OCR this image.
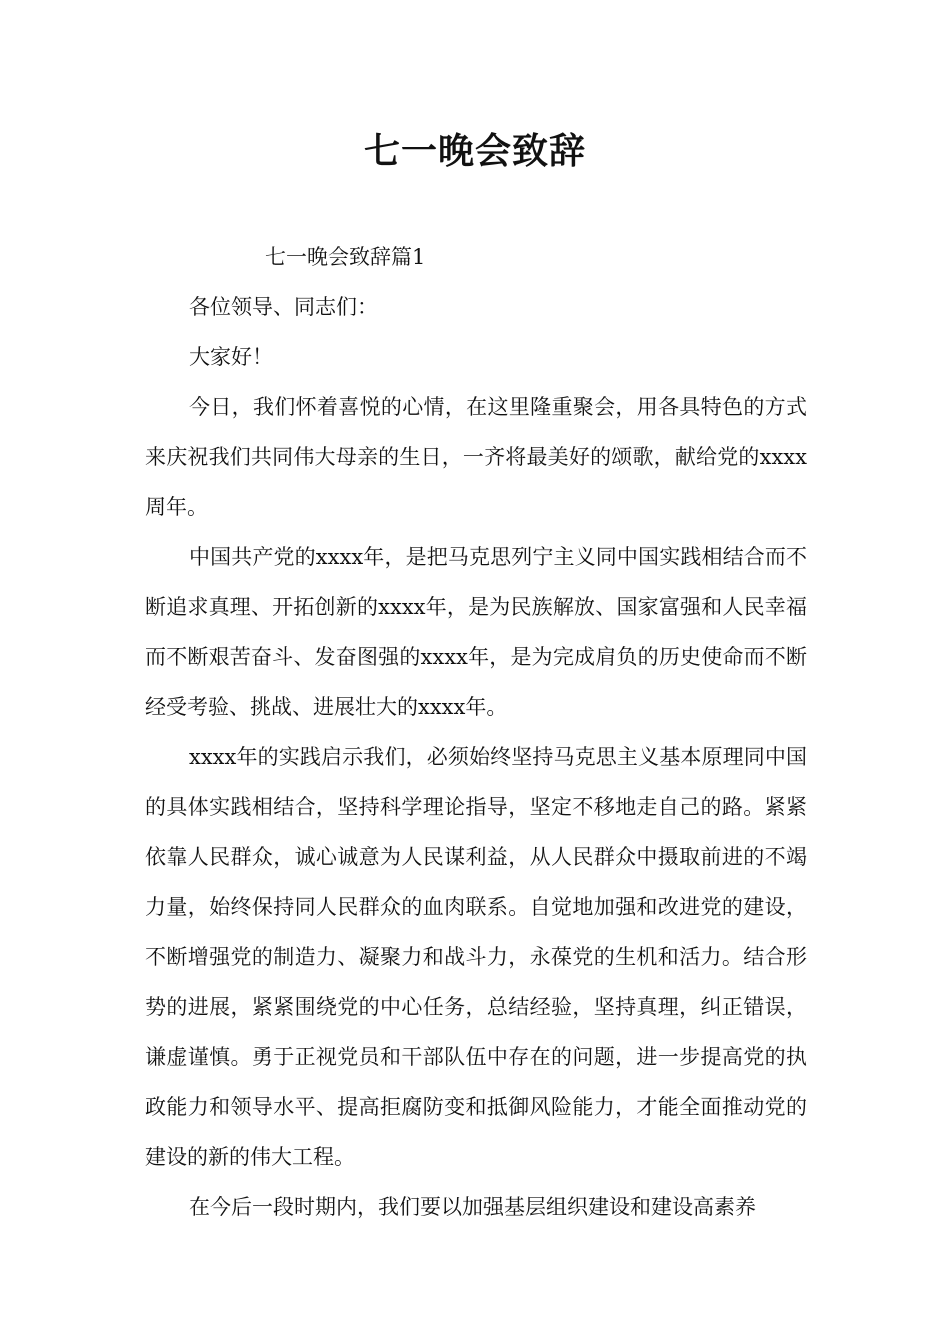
七一晚会致辞
七一晚会致辞篇1

各位领导、同志们：

大家好！

今日，我们怀着喜悦的心情，在这里隆重聚会，用各具特色的方式来庆祝我们共同伟大母亲的生日，一齐将最美好的颂歌，献给党的xxxx周年。

中国共产党的xxxx年，是把马克思列宁主义同中国实践相结合而不断追求真理、开拓创新的xxxx年，是为民族解放、国家富强和人民幸福而不断艰苦奋斗、发奋图强的xxxx年，是为完成肩负的历史使命而不断经受考验、挑战、进展壮大的xxxx年。

xxxx年的实践启示我们，必须始终坚持马克思主义基本原理同中国的具体实践相结合，坚持科学理论指导，坚定不移地走自己的路。紧紧依靠人民群众，诚心诚意为人民谋利益，从人民群众中摄取前进的不竭力量，始终保持同人民群众的血肉联系。自觉地加强和改进党的建设，不断增强党的制造力、凝聚力和战斗力，永葆党的生机和活力。结合形势的进展，紧紧围绕党的中心任务，总结经验，坚持真理，纠正错误，谦虚谨慎。勇于正视党员和干部队伍中存在的问题，进一步提高党的执政能力和领导水平、提高拒腐防变和抵御风险能力，才能全面推动党的建设的新的伟大工程。

在今后一段时期内，我们要以加强基层组织建设和建设高素养
